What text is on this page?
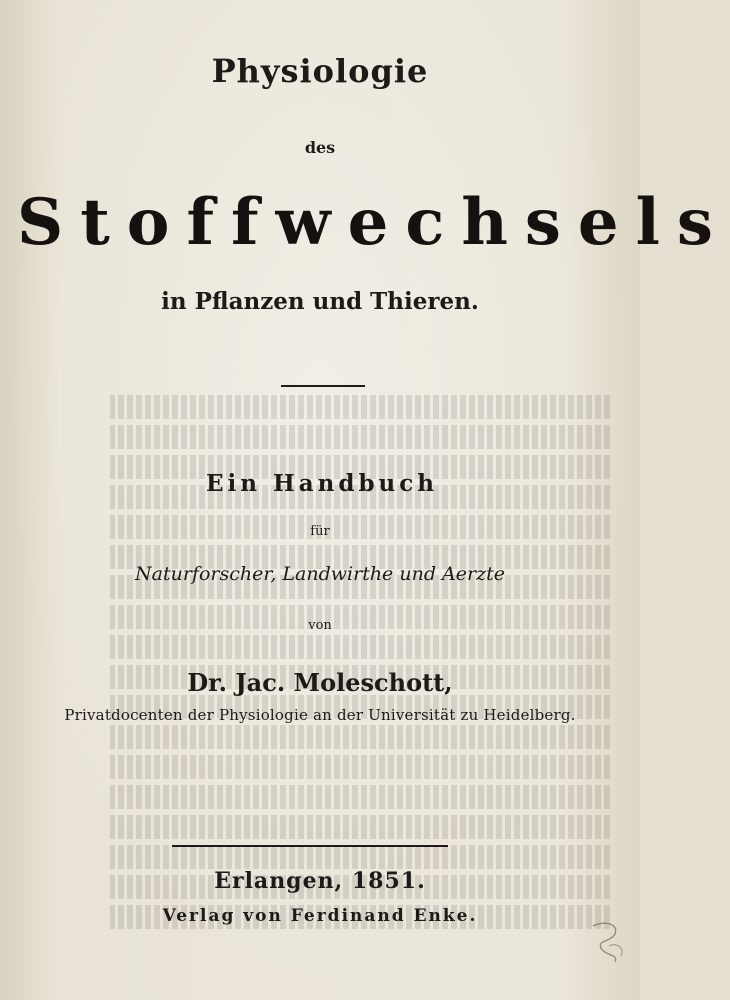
Physiologie
des
Stoffwechsels
in Pflanzen und Thieren.
Ein Handbuch
für
Naturforscher, Landwirthe und Aerzte
von
Dr. Jac. Moleschott,
Privatdocenten der Physiologie an der Universität zu Heidelberg.
Erlangen, 1851.
Verlag von Ferdinand Enke.
